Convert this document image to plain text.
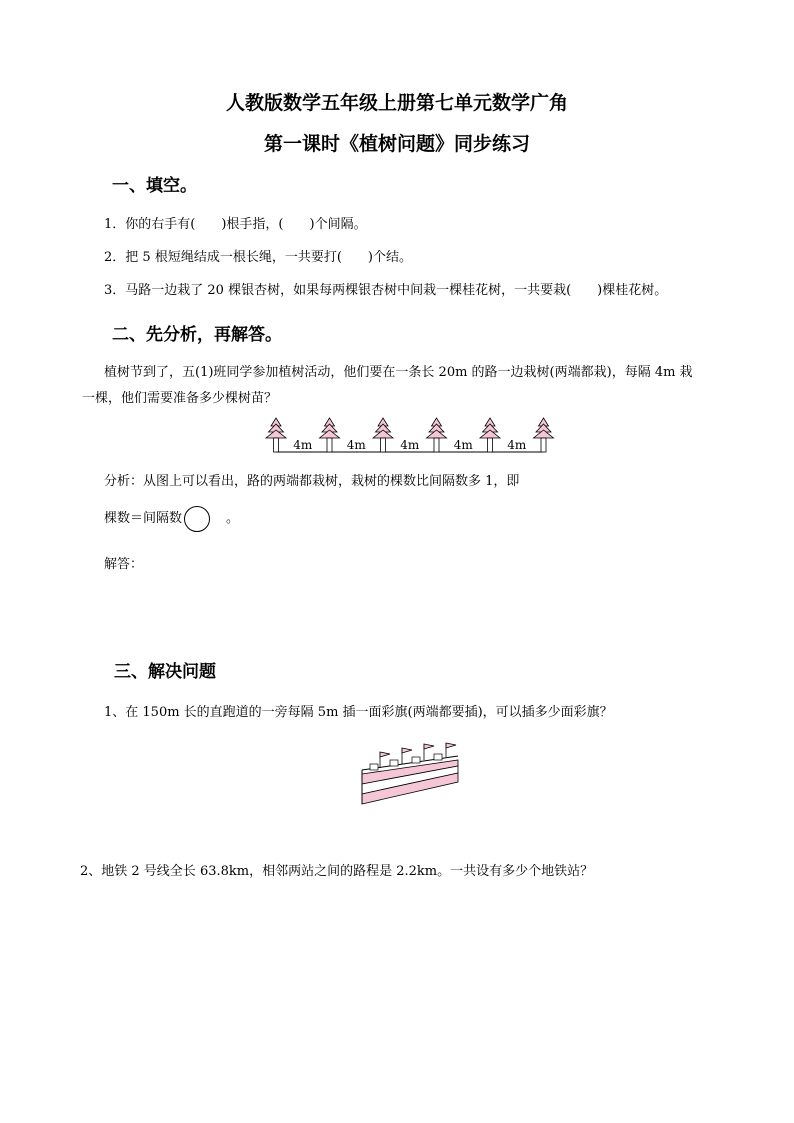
人教版数学五年级上册第七单元数学广角
第一课时《植树问题》同步练习
一、填空。
1．你的右手有( )根手指，( )个间隔。
2．把 5 根短绳结成一根长绳，一共要打( )个结。
3．马路一边栽了 20 棵银杏树，如果每两棵银杏树中间栽一棵桂花树，一共要栽( )棵桂花树。
二、先分析，再解答。
植树节到了，五(1)班同学参加植树活动，他们要在一条长 20m 的路一边栽树(两端都栽)，每隔 4m 栽
一棵，他们需要准备多少棵树苗？
4m	4m	4m	4m	4m
分析：从图上可以看出，路的两端都栽树，栽树的棵数比间隔数多 1，即
棵数＝间隔数	。
解答：
三、解决问题
1、在 150m 长的直跑道的一旁每隔 5m 插一面彩旗(两端都要插)，可以插多少面彩旗？
2、地铁 2 号线全长 63.8km，相邻两站之间的路程是 2.2km。一共设有多少个地铁站？
